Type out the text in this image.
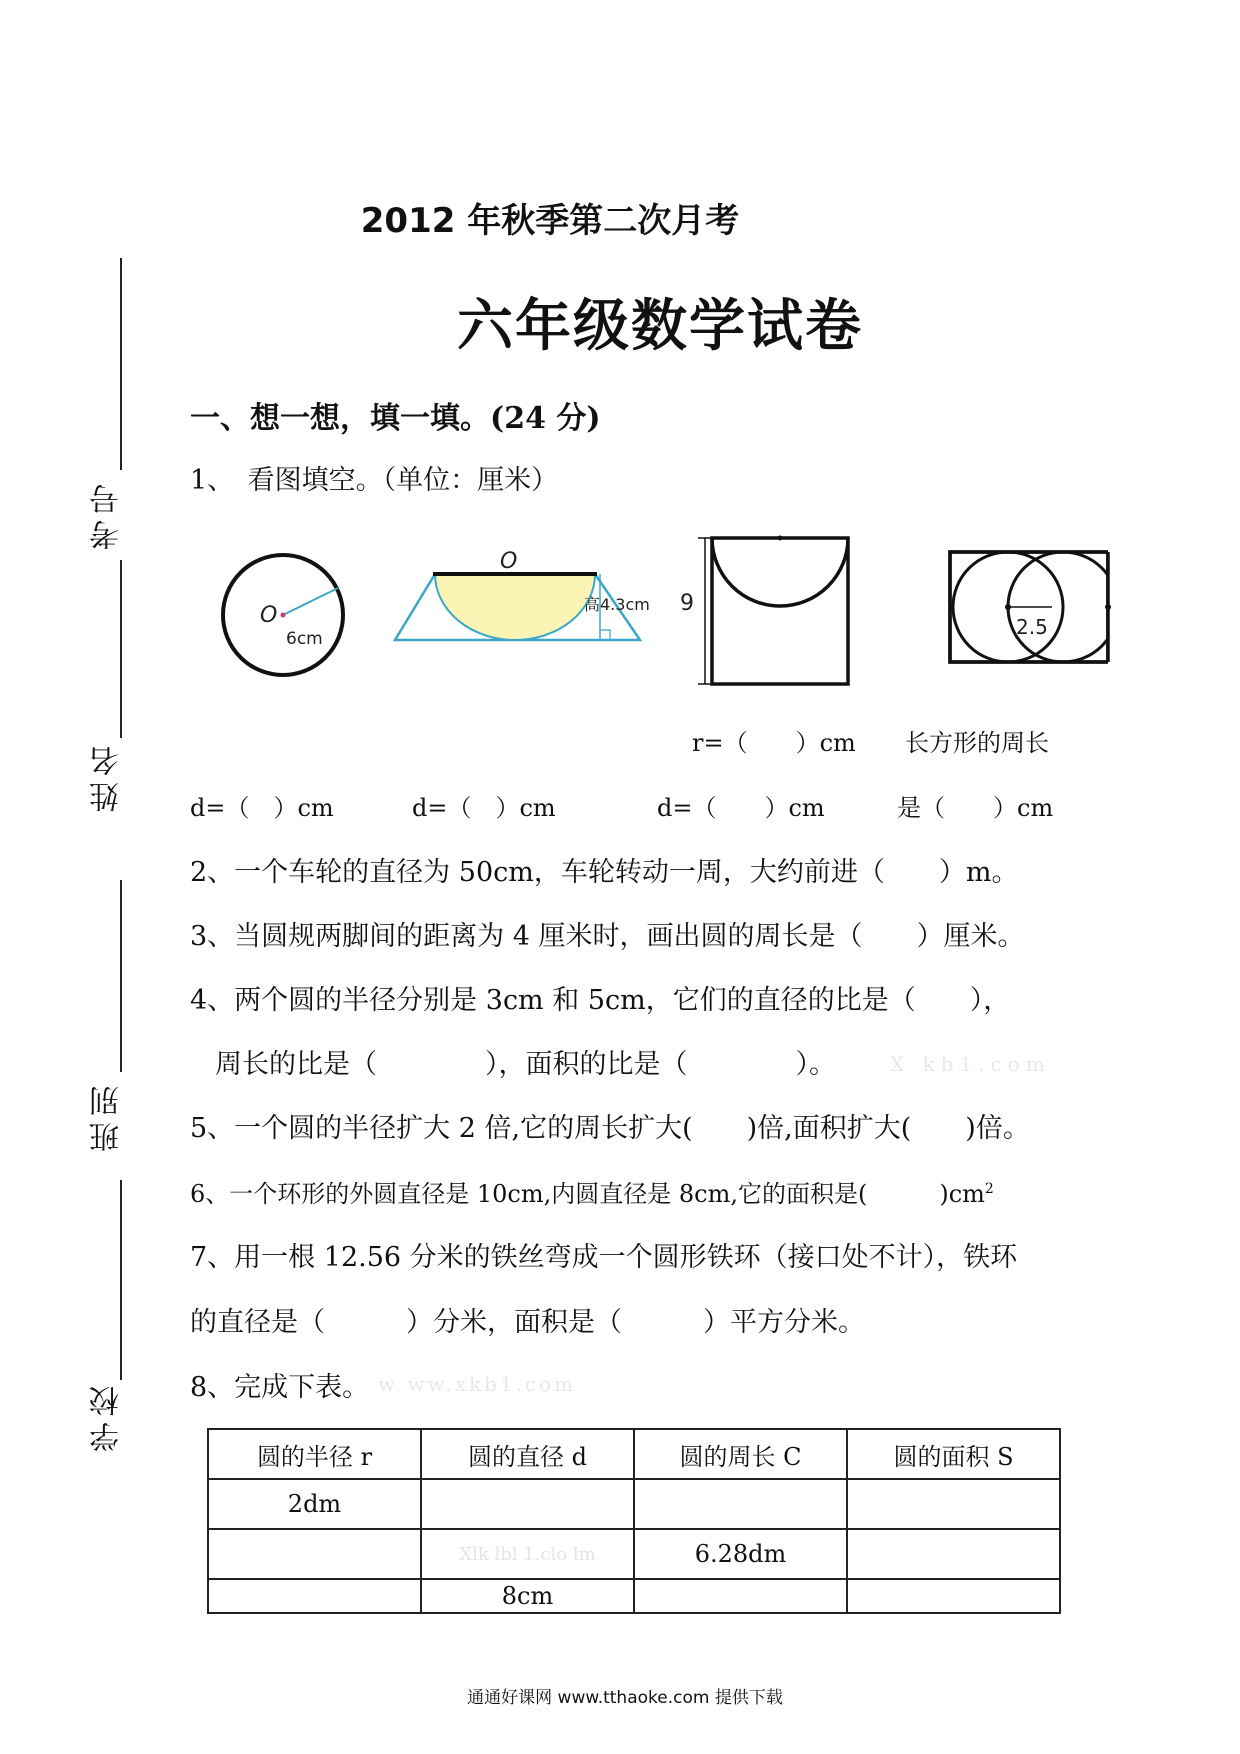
考号
姓名
班别
学校
2012 年秋季第二次月考
六年级数学试卷
一、想一想，填一填。(24 分)
1、　看图填空。（单位：厘米）
O
6cm
O
高4.3cm 9
2.5
r=（　　）cm 长方形的周长
d=（　）cm	d=（　）cm	d=（　　）cm	是（　　）cm
2、一个车轮的直径为 50cm，车轮转动一周，大约前进（　　）m。
3、当圆规两脚间的距离为 4 厘米时，画出圆的周长是（　　）厘米。
4、两个圆的半径分别是 3cm 和 5cm，它们的直径的比是（　　），
周长的比是（　　　　），面积的比是（　　　　）。	X kb1.com
5、一个圆的半径扩大 2 倍,它的周长扩大(　　)倍,面积扩大(　　)倍。
6、一个环形的外圆直径是 10cm,内圆直径是 8cm,它的面积是(　　　)$cm^2$
7、用一根 12.56 分米的铁丝弯成一个圆形铁环（接口处不计），铁环
的直径是（　　　）分米，面积是（　　　）平方分米。
8、完成下表。 w ww.xkb1.com
圆的半径 r	圆的直径 d	圆的周长 C	圆的面积 S
2dm			
	Xlk lbl 1.clo lm	6.28dm	
	8cm		
通通好课网 www.tthaoke.com 提供下载
